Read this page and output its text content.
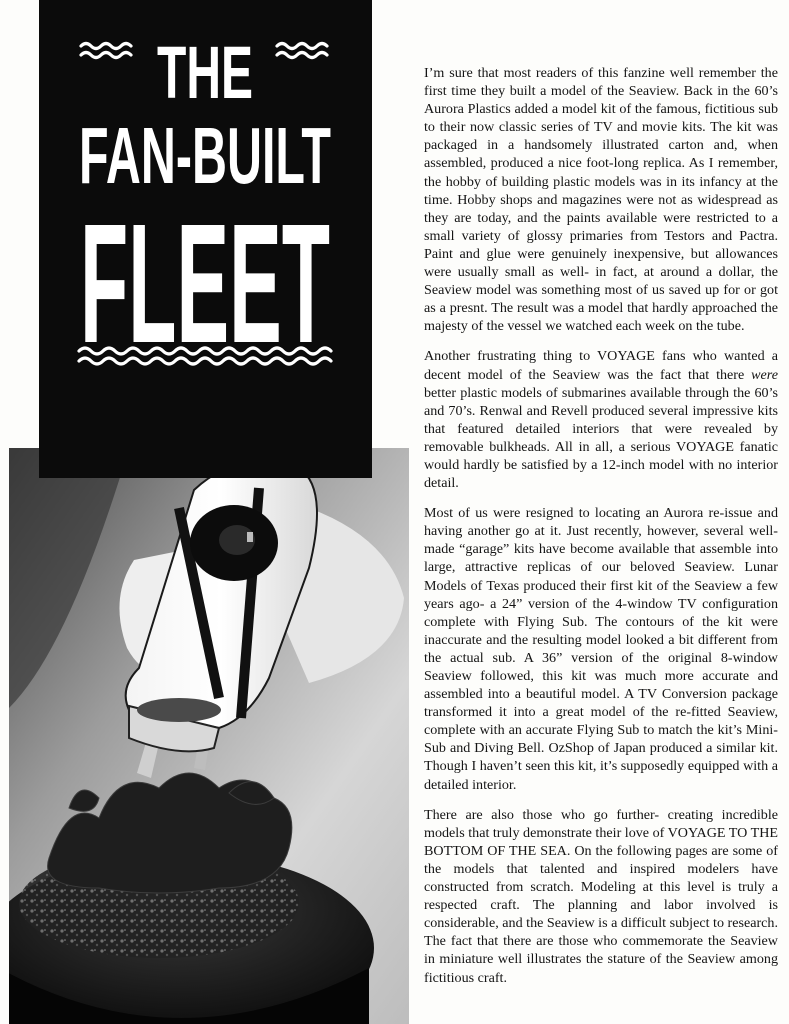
THE
FAN-BUILT
FLEET

I’m sure that most readers of this fanzine well remember the first time they built a model of the Seaview. Back in the 60’s Aurora Plastics added a model kit of the famous, fictitious sub to their now classic series of TV and movie kits. The kit was packaged in a handsomely illustrated carton and, when assembled, produced a nice foot-long replica. As I remember, the hobby of building plastic models was in its infancy at the time. Hobby shops and magazines were not as widespread as they are today, and the paints available were restricted to a small variety of glossy primaries from Testors and Pactra. Paint and glue were genuinely inexpensive, but allowances were usually small as well- in fact, at around a dollar, the Seaview model was something most of us saved up for or got as a presnt. The result was a model that hardly approached the majesty of the vessel we watched each week on the tube.

Another frustrating thing to VOYAGE fans who wanted a decent model of the Seaview was the fact that there were better plastic models of submarines available through the 60’s and 70’s. Renwal and Revell produced several impressive kits that featured detailed interiors that were revealed by removable bulkheads. All in all, a serious VOYAGE fanatic would hardly be satisfied by a 12-inch model with no interior detail.

Most of us were resigned to locating an Aurora re-issue and having another go at it. Just recently, however, several well-made “garage” kits have become available that assemble into large, attractive replicas of our beloved Seaview. Lunar Models of Texas produced their first kit of the Seaview a few years ago- a 24” version of the 4-window TV configuration complete with Flying Sub. The contours of the kit were inaccurate and the resulting model looked a bit different from the actual sub. A 36” version of the original 8-window Seaview followed, this kit was much more accurate and assembled into a beautiful model. A TV Conversion package transformed it into a great model of the re-fitted Seaview, complete with an accurate Flying Sub to match the kit’s Mini-Sub and Diving Bell. OzShop of Japan produced a similar kit. Though I haven’t seen this kit, it’s supposedly equipped with a detailed interior.

There are also those who go further- creating incredible models that truly demonstrate their love of VOYAGE TO THE BOTTOM OF THE SEA. On the following pages are some of the models that talented and inspired modelers have constructed from scratch. Modeling at this level is truly a respected craft. The planning and labor involved is considerable, and the Seaview is a difficult subject to research. The fact that there are those who commemorate the Seaview in miniature well illustrates the stature of the Seaview among fictitious craft.
